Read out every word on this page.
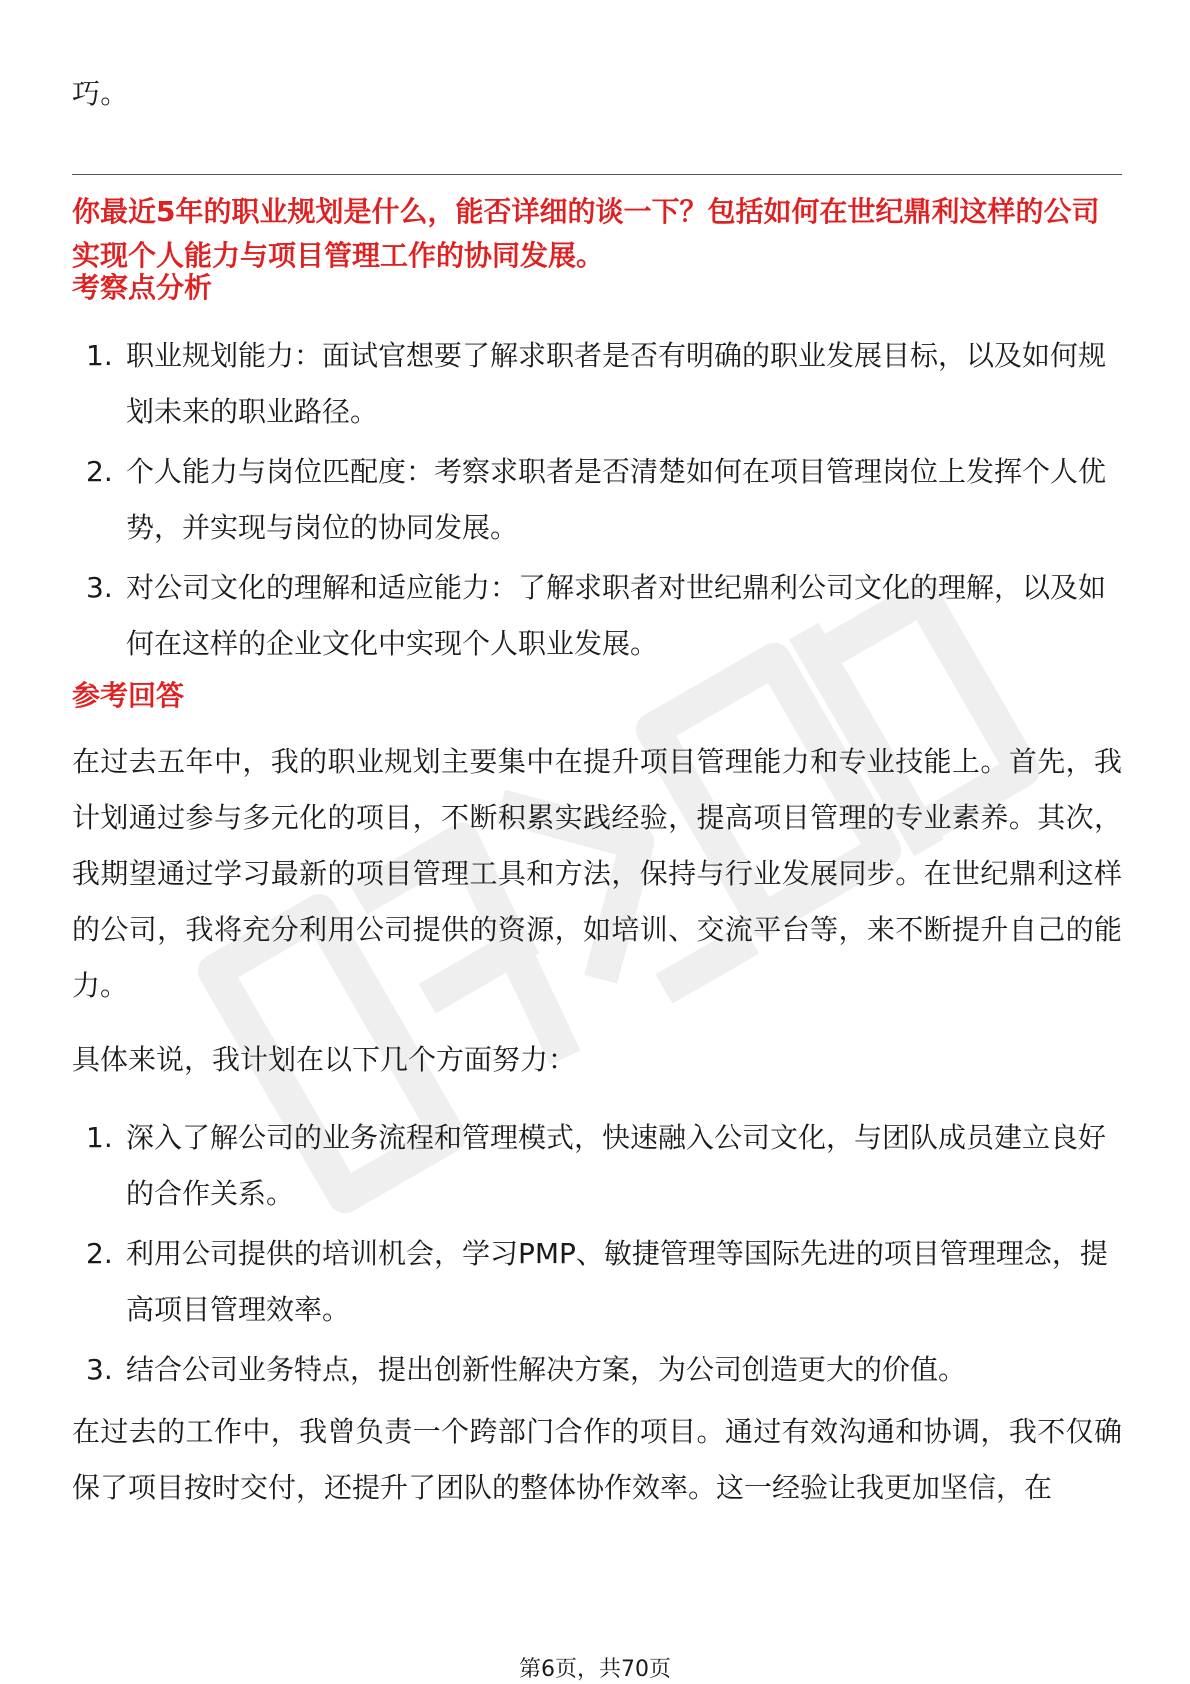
巧。

你最近5年的职业规划是什么，能否详细的谈一下？包括如何在世纪鼎利这样的公司实现个人能力与项目管理工作的协同发展。

考察点分析
1. 职业规划能力：面试官想要了解求职者是否有明确的职业发展目标，以及如何规划未来的职业路径。
2. 个人能力与岗位匹配度：考察求职者是否清楚如何在项目管理岗位上发挥个人优势，并实现与岗位的协同发展。
3. 对公司文化的理解和适应能力：了解求职者对世纪鼎利公司文化的理解，以及如何在这样的企业文化中实现个人职业发展。
参考回答

在过去五年中，我的职业规划主要集中在提升项目管理能力和专业技能上。首先，我计划通过参与多元化的项目，不断积累实践经验，提高项目管理的专业素养。其次，我期望通过学习最新的项目管理工具和方法，保持与行业发展同步。在世纪鼎利这样的公司，我将充分利用公司提供的资源，如培训、交流平台等，来不断提升自己的能力。

具体来说，我计划在以下几个方面努力：

1. 深入了解公司的业务流程和管理模式，快速融入公司文化，与团队成员建立良好的合作关系。
2. 利用公司提供的培训机会，学习PMP、敏捷管理等国际先进的项目管理理念，提高项目管理效率。
3. 结合公司业务特点，提出创新性解决方案，为公司创造更大的价值。

在过去的工作中，我曾负责一个跨部门合作的项目。通过有效沟通和协调，我不仅确保了项目按时交付，还提升了团队的整体协作效率。这一经验让我更加坚信，在

第6页，共70页
